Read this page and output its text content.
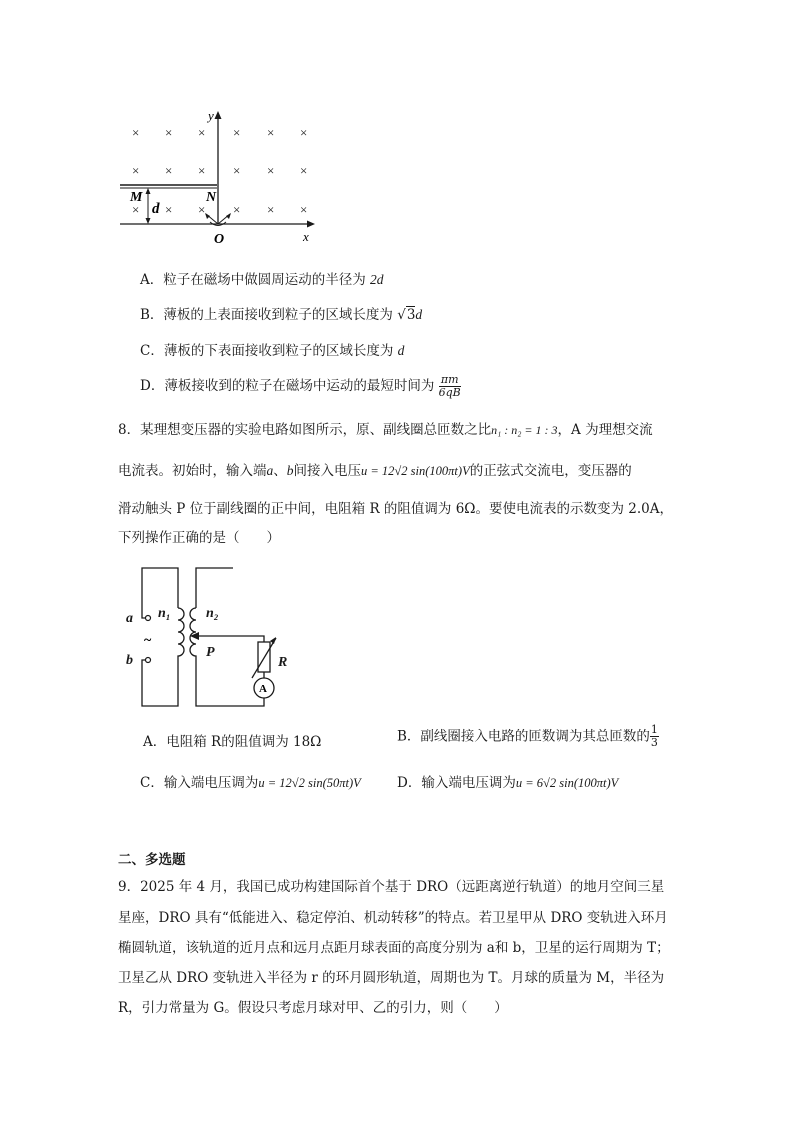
× × × × × ×
× × × × × ×
× × × × × ×
y
x
O
M	N
d
A．粒子在磁场中做圆周运动的半径为 2d
B．薄板的上表面接收到粒子的区域长度为 √3d
C．薄板的下表面接收到粒子的区域长度为 d
D．薄板接收到的粒子在磁场中运动的最短时间为 $\frac{\pi m}{6qB}$
8．某理想变压器的实验电路如图所示，原、副线圈总匝数之比n₁ : n₂ = 1 : 3，A 为理想交流
电流表。初始时，输入端a、b间接入电压u = 12√2 sin(100πt)V的正弦式交流电，变压器的
滑动触头 P 位于副线圈的正中间，电阻箱 R 的阻值调为 6Ω。要使电流表的示数变为 2.0A，
下列操作正确的是（　　）
a
b
n₁	n₂
P
R
~
A
A．电阻箱 R的阻值调为 18Ω	B．副线圈接入电路的匝数调为其总匝数的 $\frac{1}{3}$
C．输入端电压调为u = 12√2 sin(50πt)V	D．输入端电压调为u = 6√2 sin(100πt)V
二、多选题
9．2025 年 4 月，我国已成功构建国际首个基于 DRO（远距离逆行轨道）的地月空间三星
星座，DRO 具有“低能进入、稳定停泊、机动转移”的特点。若卫星甲从 DRO 变轨进入环月
椭圆轨道，该轨道的近月点和远月点距月球表面的高度分别为 a和 b，卫星的运行周期为 T；
卫星乙从 DRO 变轨进入半径为 r 的环月圆形轨道，周期也为 T。月球的质量为 M，半径为
R，引力常量为 G。假设只考虑月球对甲、乙的引力，则（　　）
